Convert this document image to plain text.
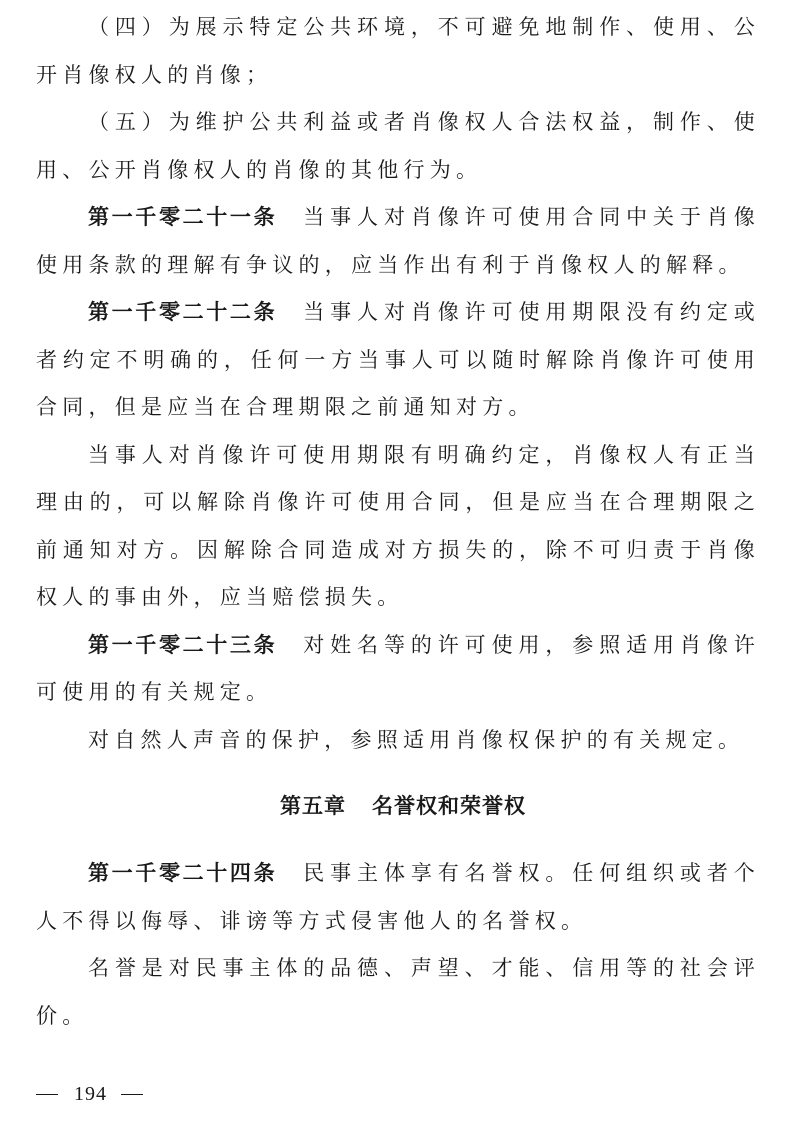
（四）为展示特定公共环境，不可避免地制作、使用、公开肖像权人的肖像；

（五）为维护公共利益或者肖像权人合法权益，制作、使用、公开肖像权人的肖像的其他行为。

第一千零二十一条 当事人对肖像许可使用合同中关于肖像使用条款的理解有争议的，应当作出有利于肖像权人的解释。

第一千零二十二条 当事人对肖像许可使用期限没有约定或者约定不明确的，任何一方当事人可以随时解除肖像许可使用合同，但是应当在合理期限之前通知对方。

当事人对肖像许可使用期限有明确约定，肖像权人有正当理由的，可以解除肖像许可使用合同，但是应当在合理期限之前通知对方。因解除合同造成对方损失的，除不可归责于肖像权人的事由外，应当赔偿损失。

第一千零二十三条 对姓名等的许可使用，参照适用肖像许可使用的有关规定。

对自然人声音的保护，参照适用肖像权保护的有关规定。

第五章 名誉权和荣誉权

第一千零二十四条 民事主体享有名誉权。任何组织或者个人不得以侮辱、诽谤等方式侵害他人的名誉权。

名誉是对民事主体的品德、声望、才能、信用等的社会评价。

194
